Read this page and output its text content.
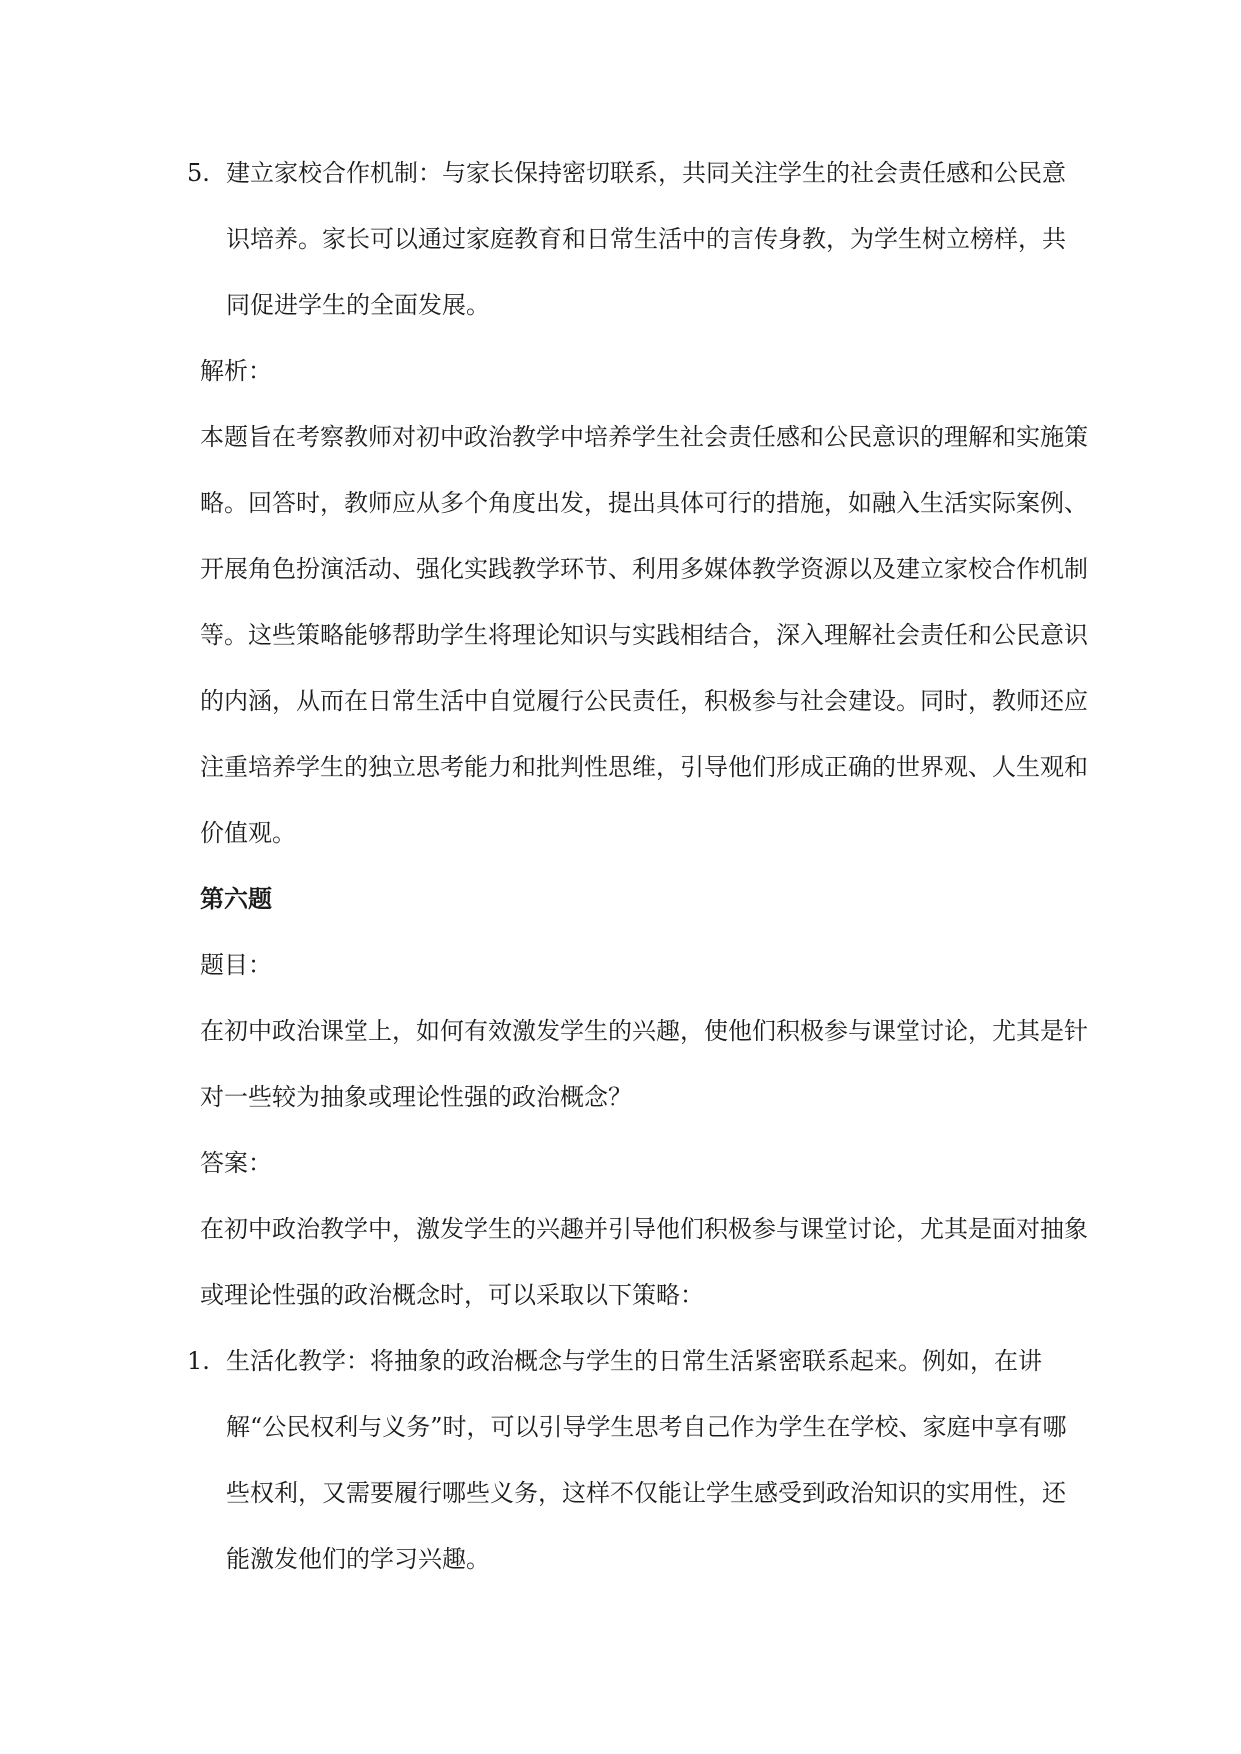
5. 建立家校合作机制：与家长保持密切联系，共同关注学生的社会责任感和公民意识培养。家长可以通过家庭教育和日常生活中的言传身教，为学生树立榜样，共同促进学生的全面发展。

解析：

本题旨在考察教师对初中政治教学中培养学生社会责任感和公民意识的理解和实施策略。回答时，教师应从多个角度出发，提出具体可行的措施，如融入生活实际案例、开展角色扮演活动、强化实践教学环节、利用多媒体教学资源以及建立家校合作机制等。这些策略能够帮助学生将理论知识与实践相结合，深入理解社会责任和公民意识的内涵，从而在日常生活中自觉履行公民责任，积极参与社会建设。同时，教师还应注重培养学生的独立思考能力和批判性思维，引导他们形成正确的世界观、人生观和价值观。

第六题

题目：

在初中政治课堂上，如何有效激发学生的兴趣，使他们积极参与课堂讨论，尤其是针对一些较为抽象或理论性强的政治概念？

答案：

在初中政治教学中，激发学生的兴趣并引导他们积极参与课堂讨论，尤其是面对抽象或理论性强的政治概念时，可以采取以下策略：

1. 生活化教学：将抽象的政治概念与学生的日常生活紧密联系起来。例如，在讲解“公民权利与义务”时，可以引导学生思考自己作为学生在学校、家庭中享有哪些权利，又需要履行哪些义务，这样不仅能让学生感受到政治知识的实用性，还能激发他们的学习兴趣。
